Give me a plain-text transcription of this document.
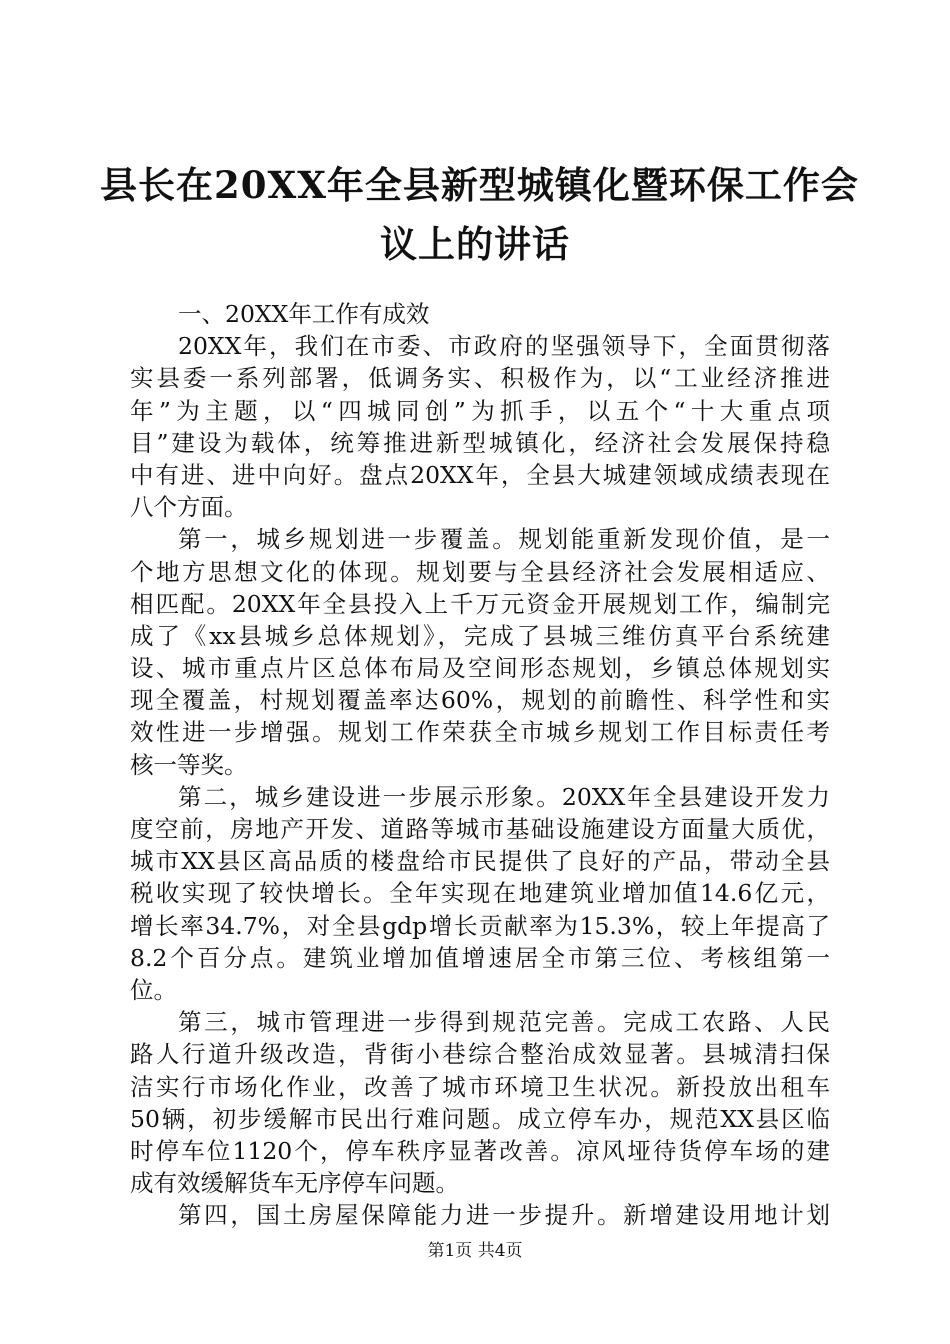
县长在20XX年全县新型城镇化暨环保工作会
议上的讲话
一、20XX年工作有成效
20XX年，我们在市委、市政府的坚强领导下，全面贯彻落
实县委一系列部署，低调务实、积极作为，以“工业经济推进
年”为主题，以“四城同创”为抓手，以五个“十大重点项
目”建设为载体，统筹推进新型城镇化，经济社会发展保持稳
中有进、进中向好。盘点20XX年，全县大城建领域成绩表现在
八个方面。
第一，城乡规划进一步覆盖。规划能重新发现价值，是一
个地方思想文化的体现。规划要与全县经济社会发展相适应、
相匹配。20XX年全县投入上千万元资金开展规划工作，编制完
成了《xx县城乡总体规划》，完成了县城三维仿真平台系统建
设、城市重点片区总体布局及空间形态规划，乡镇总体规划实
现全覆盖，村规划覆盖率达60%，规划的前瞻性、科学性和实
效性进一步增强。规划工作荣获全市城乡规划工作目标责任考
核一等奖。
第二，城乡建设进一步展示形象。20XX年全县建设开发力
度空前，房地产开发、道路等城市基础设施建设方面量大质优，
城市XX县区高品质的楼盘给市民提供了良好的产品，带动全县
税收实现了较快增长。全年实现在地建筑业增加值14.6亿元，
增长率34.7%，对全县gdp增长贡献率为15.3%，较上年提高了
8.2个百分点。建筑业增加值增速居全市第三位、考核组第一
位。
第三，城市管理进一步得到规范完善。完成工农路、人民
路人行道升级改造，背街小巷综合整治成效显著。县城清扫保
洁实行市场化作业，改善了城市环境卫生状况。新投放出租车
50辆，初步缓解市民出行难问题。成立停车办，规范XX县区临
时停车位1120个，停车秩序显著改善。凉风垭待货停车场的建
成有效缓解货车无序停车问题。
第四，国土房屋保障能力进一步提升。新增建设用地计划
第1页 共4页
